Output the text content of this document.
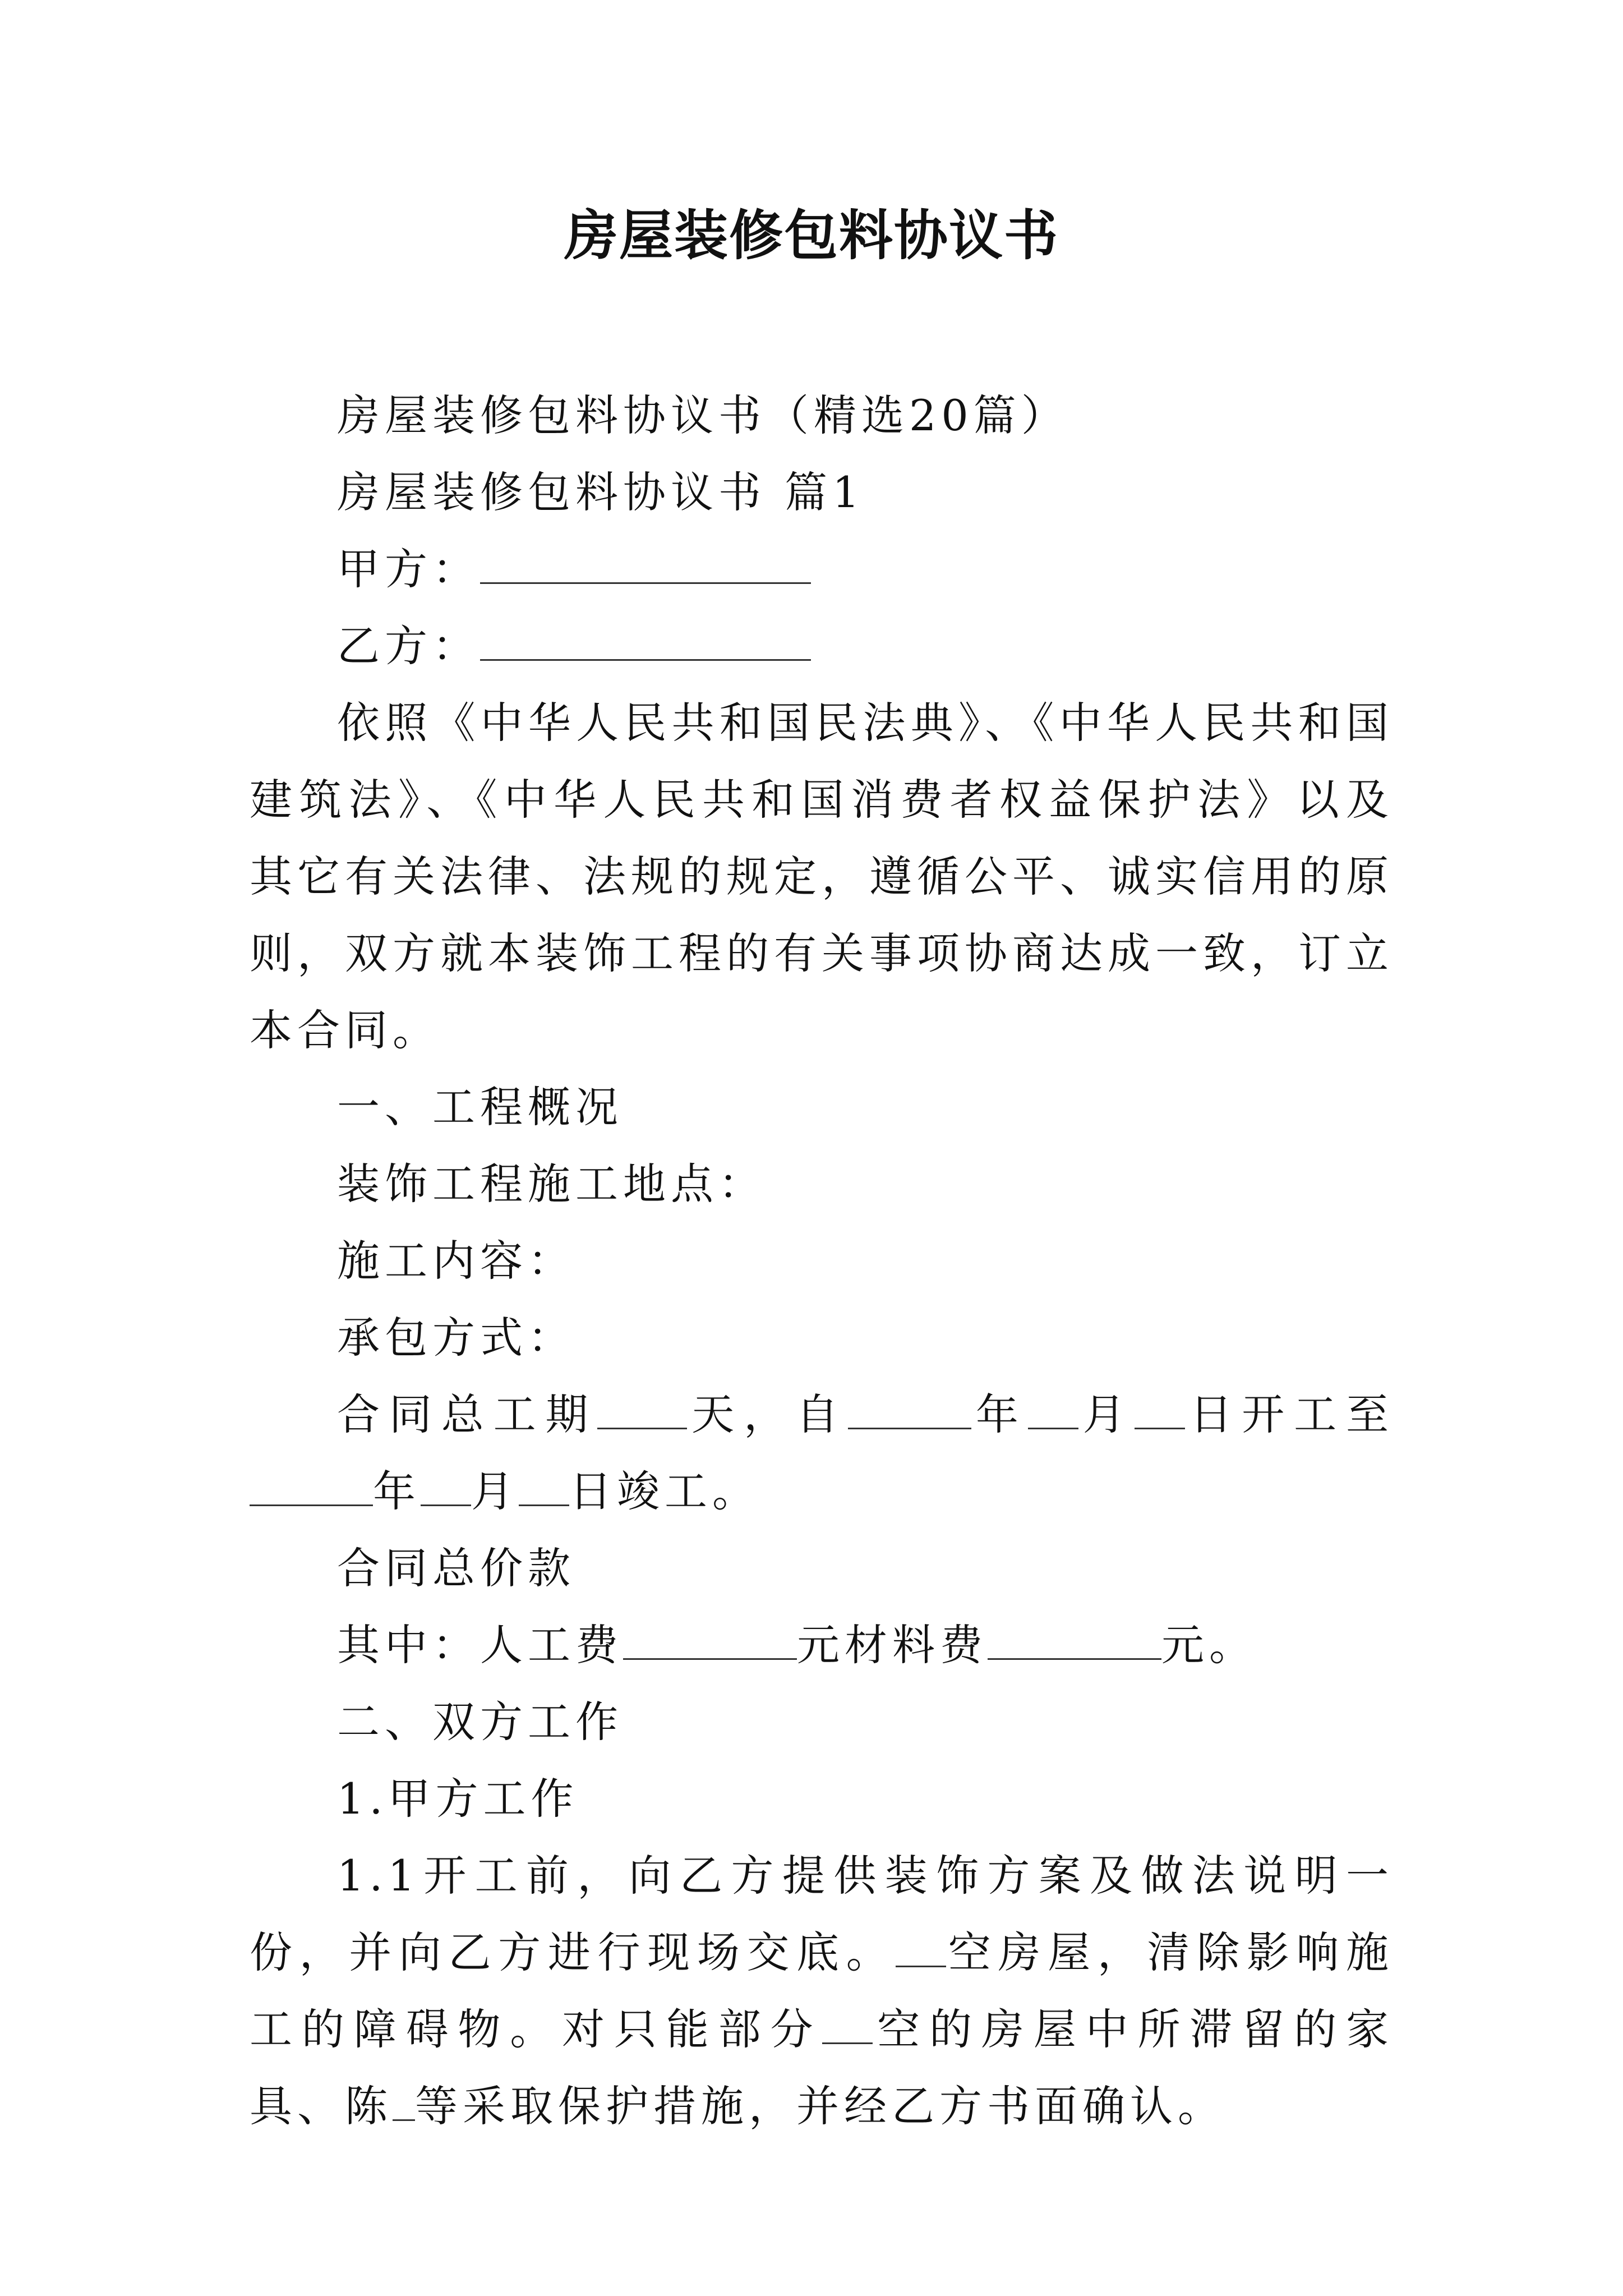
房屋装修包料协议书

房屋装修包料协议书（精选20篇）

房屋装修包料协议书 篇1

甲方：

乙方：

依照《中华人民共和国民法典》、《中华人民共和国建筑法》、《中华人民共和国消费者权益保护法》以及其它有关法律、法规的规定，遵循公平、诚实信用的原则，双方就本装饰工程的有关事项协商达成一致，订立本合同。

一、工程概况

装饰工程施工地点：

施工内容：

承包方式：

合同总工期 天，自	年 月 日开工至年 月 日竣工。

合同总价款

其中：人工费	元材料费	元。

二、双方工作

1.甲方工作

1.1开工前，向乙方提供装饰方案及做法说明一份，并向乙方进行现场交底。 空房屋，清除影响施工的障碍物。对只能部分 空的房屋中所滞留的家具、陈 等采取保护措施，并经乙方书面确认。
